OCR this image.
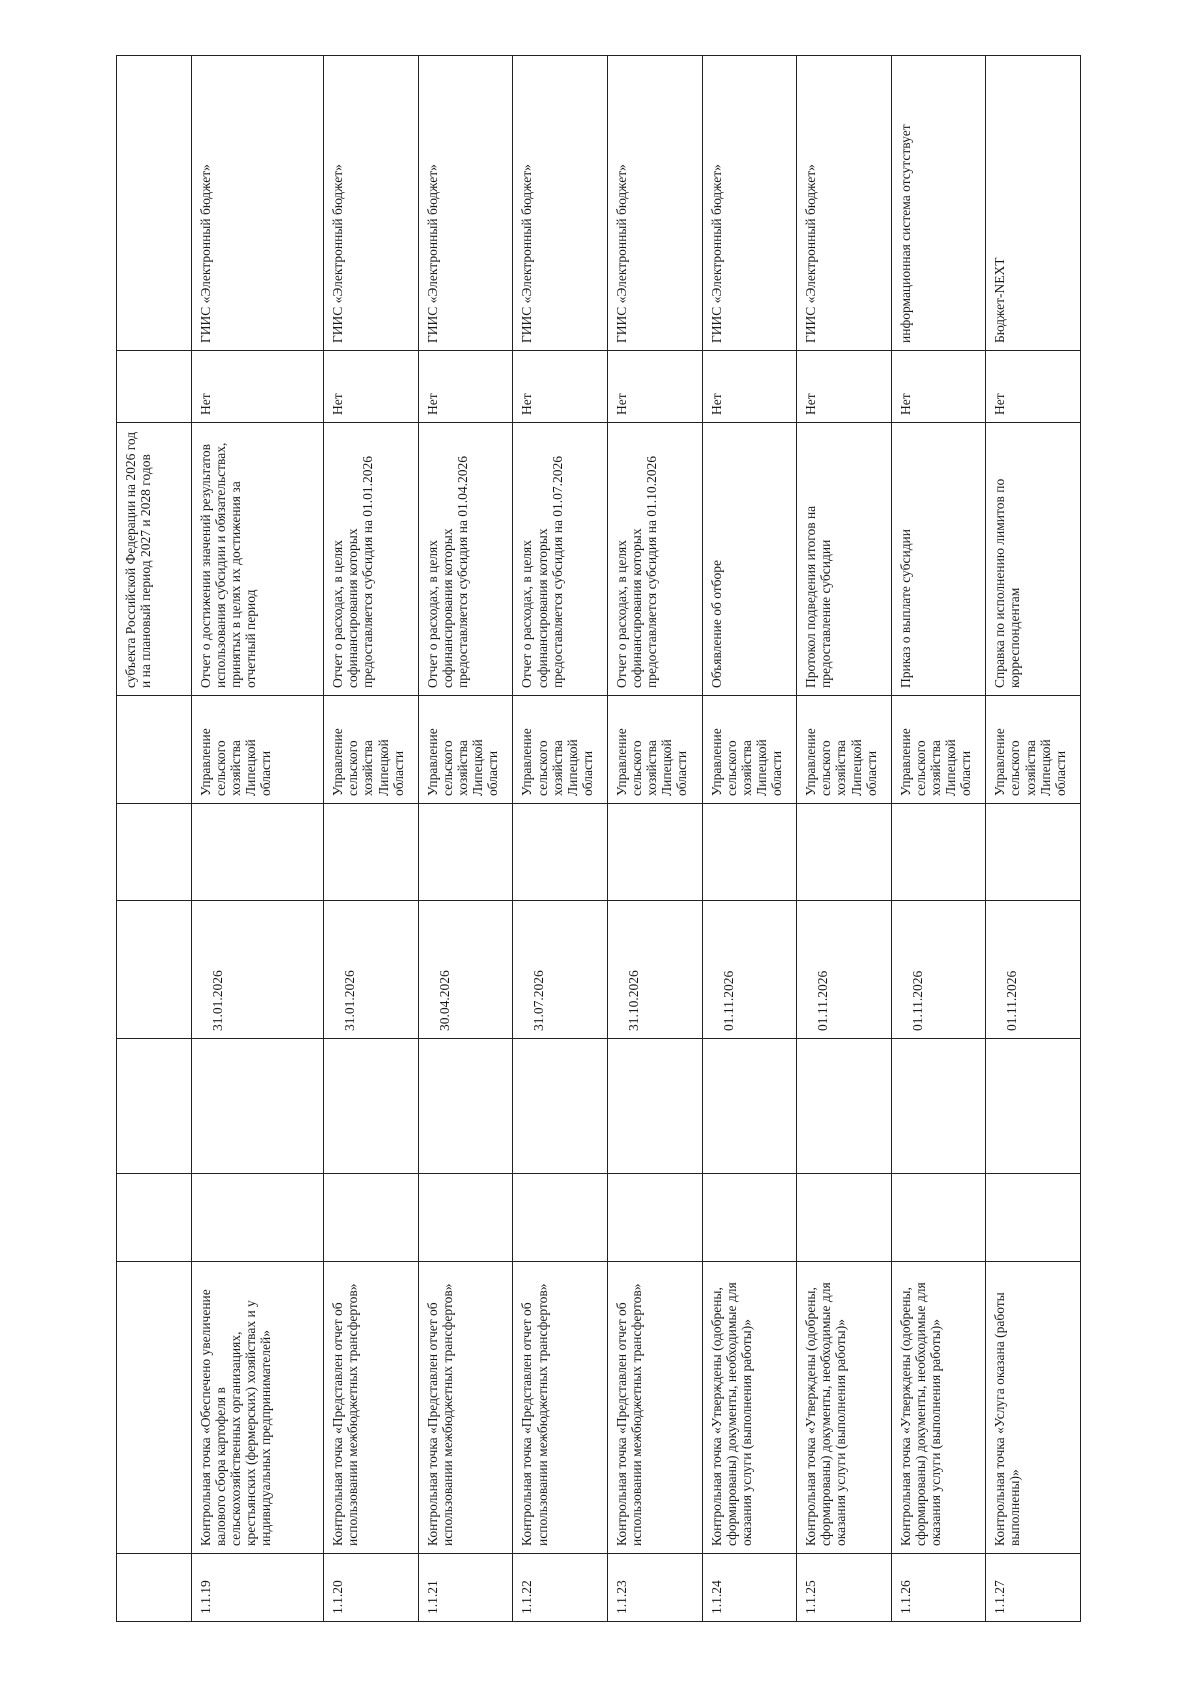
							субъекта Российской Федерации на 2026 год и на плановый период 2027 и 2028 годов		
1.1.19	Контрольная точка «Обеспечено увеличение валового сбора картофеля в сельскохозяйственных организациях, крестьянских (фермерских) хозяйствах и у индивидуальных предпринимателей»			31.01.2026		Управление сельского хозяйства Липецкой области	Отчет о достижении значений результатов использования субсидии и обязательствах, принятых в целях их достижения за отчетный период	Нет	ГИИС «Электронный бюджет»
1.1.20	Контрольная точка «Представлен отчет об использовании межбюджетных трансфертов»			31.01.2026		Управление сельского хозяйства Липецкой области	Отчет о расходах, в целях софинансирования которых предоставляется субсидия на 01.01.2026	Нет	ГИИС «Электронный бюджет»
1.1.21	Контрольная точка «Представлен отчет об использовании межбюджетных трансфертов»			30.04.2026		Управление сельского хозяйства Липецкой области	Отчет о расходах, в целях софинансирования которых предоставляется субсидия на 01.04.2026	Нет	ГИИС «Электронный бюджет»
1.1.22	Контрольная точка «Представлен отчет об использовании межбюджетных трансфертов»			31.07.2026		Управление сельского хозяйства Липецкой области	Отчет о расходах, в целях софинансирования которых предоставляется субсидия на 01.07.2026	Нет	ГИИС «Электронный бюджет»
1.1.23	Контрольная точка «Представлен отчет об использовании межбюджетных трансфертов»			31.10.2026		Управление сельского хозяйства Липецкой области	Отчет о расходах, в целях софинансирования которых предоставляется субсидия на 01.10.2026	Нет	ГИИС «Электронный бюджет»
1.1.24	Контрольная точка «Утверждены (одобрены, сформированы) документы, необходимые для оказания услуги (выполнения работы)»			01.11.2026		Управление сельского хозяйства Липецкой области	Объявление об отборе	Нет	ГИИС «Электронный бюджет»
1.1.25	Контрольная точка «Утверждены (одобрены, сформированы) документы, необходимые для оказания услуги (выполнения работы)»			01.11.2026		Управление сельского хозяйства Липецкой области	Протокол подведения итогов на предоставление субсидии	Нет	ГИИС «Электронный бюджет»
1.1.26	Контрольная точка «Утверждены (одобрены, сформированы) документы, необходимые для оказания услуги (выполнения работы)»			01.11.2026		Управление сельского хозяйства Липецкой области	Приказ о выплате субсидии	Нет	информационная система отсутствует
1.1.27	Контрольная точка «Услуга оказана (работы выполнены)»			01.11.2026		Управление сельского хозяйства Липецкой области	Справка по исполнению лимитов по корреспондентам	Нет	Бюджет-NEXT
